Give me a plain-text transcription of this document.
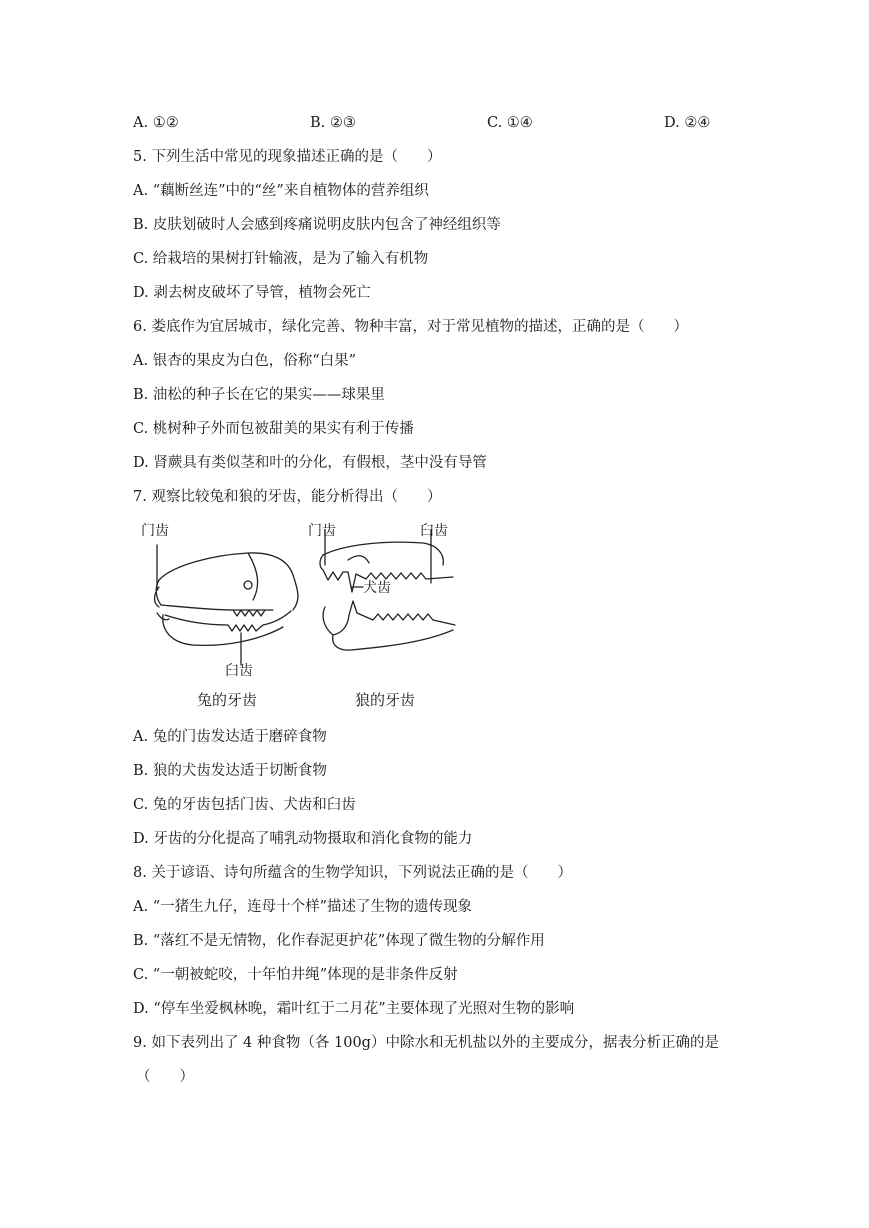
A. ①②	B. ②③	C. ①④	D. ②④
5. 下列生活中常见的现象描述正确的是（　　）
A. “藕断丝连”中的“丝”来自植物体的营养组织
B. 皮肤划破时人会感到疼痛说明皮肤内包含了神经组织等
C. 给栽培的果树打针输液，是为了输入有机物
D. 剥去树皮破坏了导管，植物会死亡
6. 娄底作为宜居城市，绿化完善、物种丰富，对于常见植物的描述，正确的是（　　）
A. 银杏的果皮为白色，俗称“白果”
B. 油松的种子长在它的果实——球果里
C. 桃树种子外而包被甜美的果实有利于传播
D. 肾蕨具有类似茎和叶的分化，有假根，茎中没有导管
7. 观察比较兔和狼的牙齿，能分析得出（　　）
门齿
臼齿
兔的牙齿
门齿	臼齿
犬齿
狼的牙齿
A. 兔的门齿发达适于磨碎食物
B. 狼的犬齿发达适于切断食物
C. 兔的牙齿包括门齿、犬齿和臼齿
D. 牙齿的分化提高了哺乳动物摄取和消化食物的能力
8. 关于谚语、诗句所蕴含的生物学知识，下列说法正确的是（　　）
A. “一猪生九仔，连母十个样”描述了生物的遗传现象
B. “落红不是无情物，化作春泥更护花”体现了微生物的分解作用
C. “一朝被蛇咬，十年怕井绳”体现的是非条件反射
D. “停车坐爱枫林晚，霜叶红于二月花”主要体现了光照对生物的影响
9. 如下表列出了 4 种食物（各 100g）中除水和无机盐以外的主要成分，据表分析正确的是
（　　）
